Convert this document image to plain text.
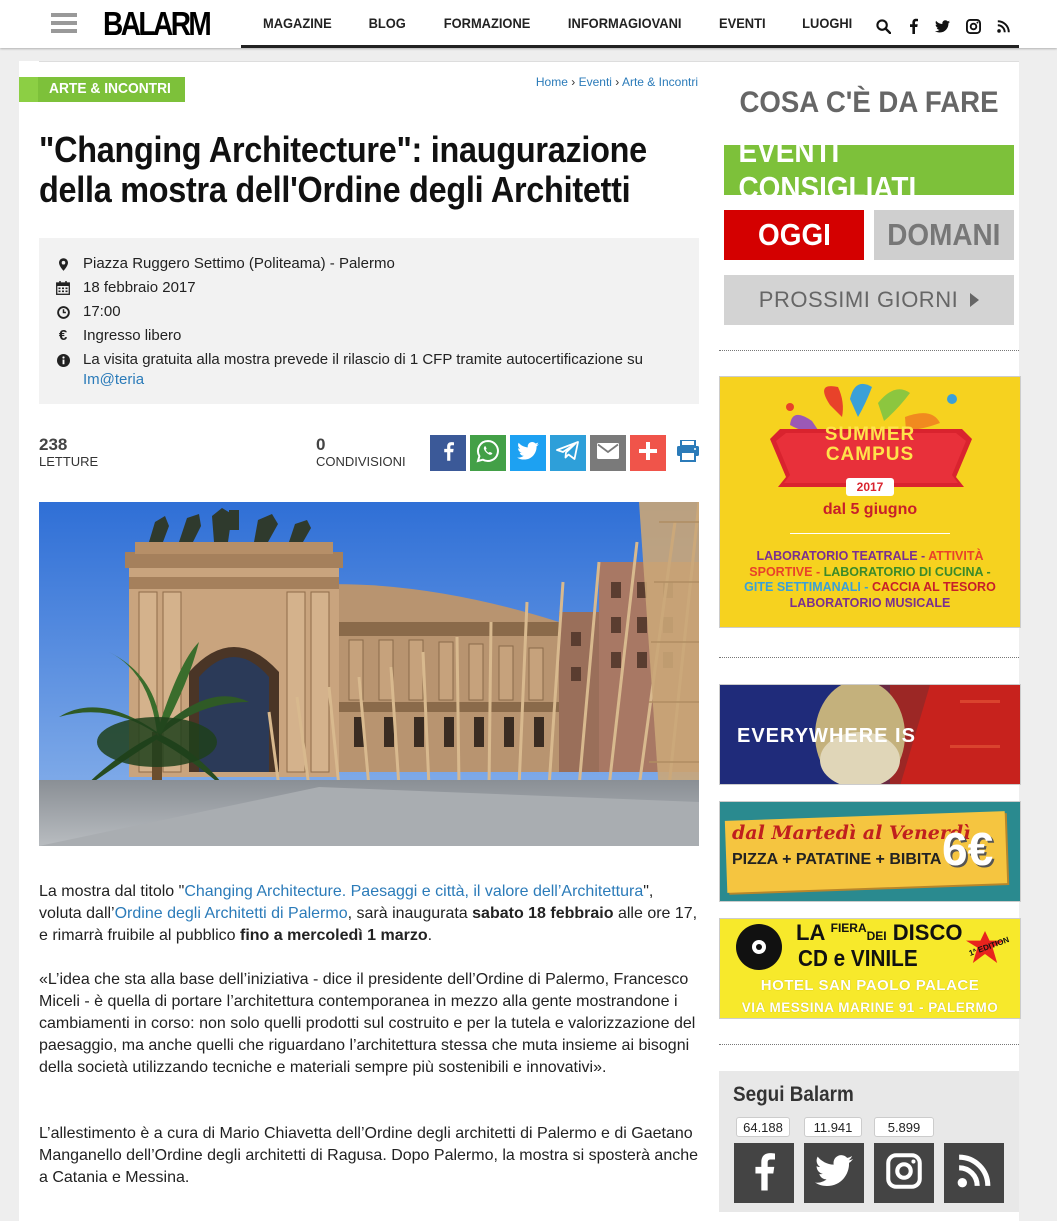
BALARM	MAGAZINE	BLOG	FORMAZIONE	INFORMAGIOVANI	EVENTI	LUOGHI
ARTE & INCONTRI	Home › Eventi › Arte & Incontri
"Changing Architecture": inaugurazione della mostra dell'Ordine degli Architetti
Piazza Ruggero Settimo (Politeama) - Palermo
18 febbraio 2017
17:00
€ Ingresso libero
La visita gratuita alla mostra prevede il rilascio di 1 CFP tramite autocertificazione su
Im@teria
238
LETTURE
0
CONDIVISIONI
La mostra dal titolo "Changing Architecture. Paesaggi e città, il valore dell’Architettura", voluta dall’Ordine degli Architetti di Palermo, sarà inaugurata sabato 18 febbraio alle ore 17, e rimarrà fruibile al pubblico fino a mercoledì 1 marzo.
«L’idea che sta alla base dell’iniziativa - dice il presidente dell’Ordine di Palermo, Francesco Miceli - è quella di portare l’architettura contemporanea in mezzo alla gente mostrandone i cambiamenti in corso: non solo quelli prodotti sul costruito e per la tutela e valorizzazione del paesaggio, ma anche quelli che riguardano l’architettura stessa che muta insieme ai bisogni della società utilizzando tecniche e materiali sempre più sostenibili e innovativi».
L’allestimento è a cura di Mario Chiavetta dell’Ordine degli architetti di Palermo e di Gaetano Manganello dell’Ordine degli architetti di Ragusa. Dopo Palermo, la mostra si sposterà anche a Catania e Messina.
COSA C'È DA FARE
EVENTI CONSIGLIATI
OGGI DOMANI
PROSSIMI GIORNI
SUMMER
CAMPUS
2017
dal 5 giugno
LABORATORIO TEATRALE - ATTIVITÀ
SPORTIVE - LABORATORIO DI CUCINA -
GITE SETTIMANALI - CACCIA AL TESORO
LABORATORIO MUSICALE
EVERYWHERE IS
dal Martedì al Venerdì
PIZZA + PATATINE + BIBITA 6€
LA $^{FIERA}$DEI DISCO
CD e VINILE	1ª EDITION
HOTEL SAN PAOLO PALACE
VIA MESSINA MARINE 91 - PALERMO
Segui Balarm
64.188	11.941	5.899
